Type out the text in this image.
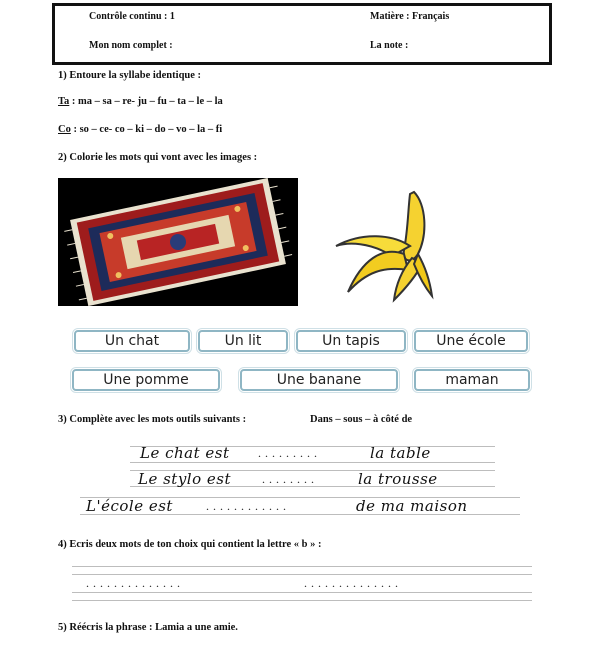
Contrôle continu : 1	Matière : Français
Mon nom complet :	La note :
1) Entoure la syllabe identique :
Ta : ma – sa – re- ju – fu – ta – le – la
Co : so – ce- co – ki – do – vo – la – fi
2) Colorie les mots qui vont avec les images :
Un chat	Un lit	Un tapis	Une école
Une pomme	Une banane	maman
3) Complète avec les mots outils suivants :	Dans – sous – à côté de
Le chat est .........	la table
Le stylo est	........	la trousse
L'école est	............	de ma maison
4) Ecris deux mots de ton choix qui contient la lettre « b » :
..............	..............
5) Réécris la phrase : Lamia a une amie.
